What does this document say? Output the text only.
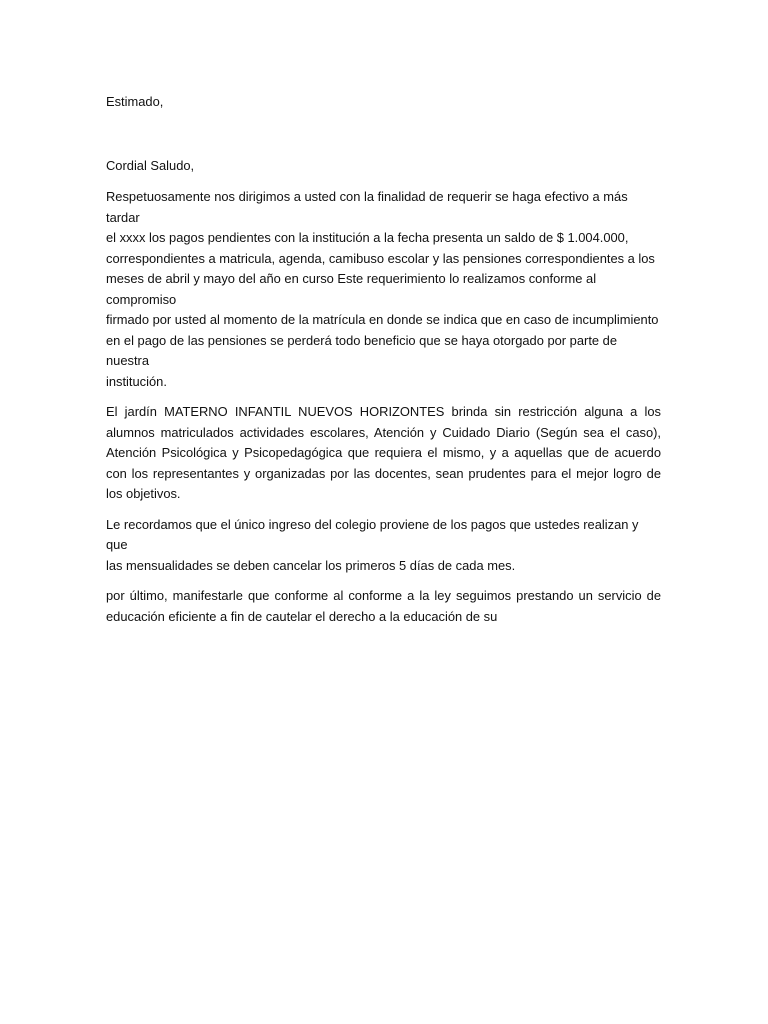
Estimado,

Cordial Saludo,

Respetuosamente nos dirigimos a usted con la finalidad de requerir se haga efectivo a más tardar
el xxxx los pagos pendientes con la institución a la fecha presenta un saldo de $ 1.004.000,
correspondientes a matricula, agenda, camibuso escolar y las pensiones correspondientes a los
meses de abril y mayo del año en curso Este requerimiento lo realizamos conforme al compromiso
firmado por usted al momento de la matrícula en donde se indica que en caso de incumplimiento
en el pago de las pensiones se perderá todo beneficio que se haya otorgado por parte de nuestra
institución.

El jardín MATERNO INFANTIL NUEVOS HORIZONTES brinda sin restricción alguna a los alumnos matriculados actividades escolares, Atención y Cuidado Diario (Según sea el caso), Atención Psicológica y Psicopedagógica que requiera el mismo, y a aquellas que de acuerdo con los representantes y organizadas por las docentes, sean prudentes para el mejor logro de los objetivos.

Le recordamos que el único ingreso del colegio proviene de los pagos que ustedes realizan y que
las mensualidades se deben cancelar los primeros 5 días de cada mes.

por último, manifestarle que conforme al conforme a la ley seguimos prestando un servicio de educación eficiente a fin de cautelar el derecho a la educación de su
